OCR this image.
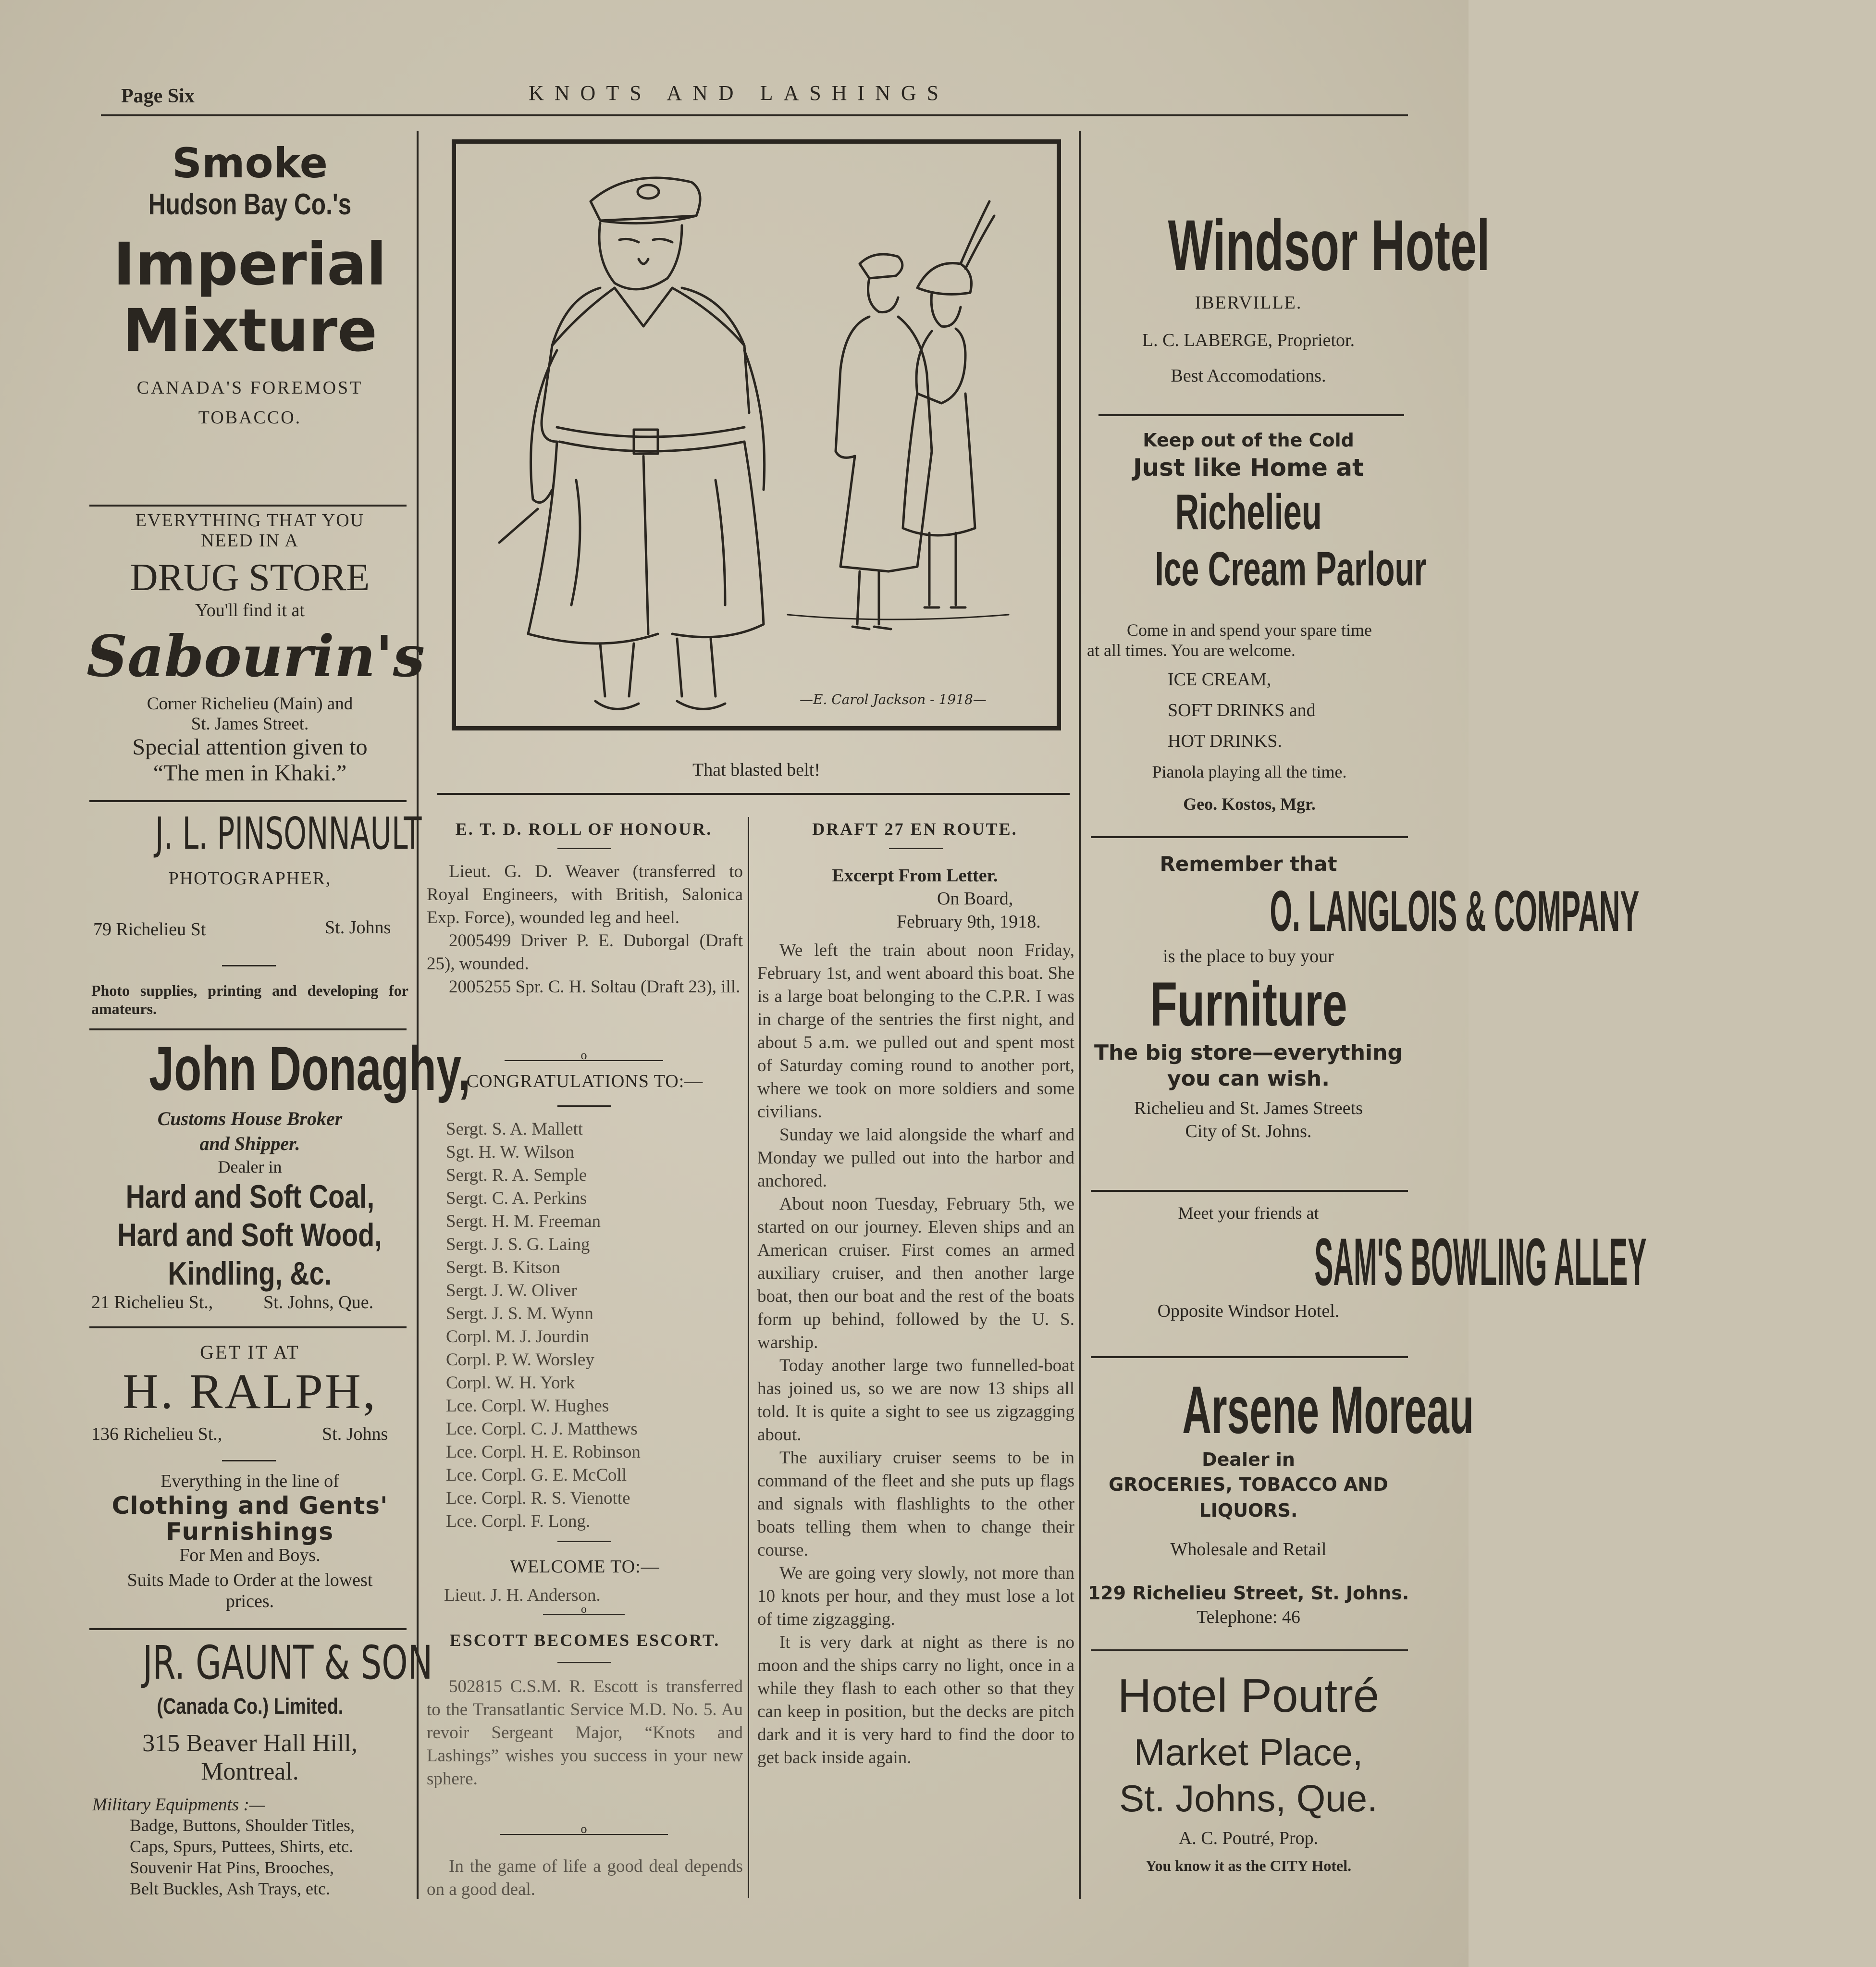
Page Six	KNOTS AND LASHINGS
Smoke
Hudson Bay Co.'s
Imperial
Mixture
CANADA'S FOREMOST
TOBACCO.
EVERYTHING THAT YOU
NEED IN A
DRUG STORE
You'll find it at
Sabourin's
Corner Richelieu (Main) and
St. James Street.
Special attention given to
“The men in Khaki.”
J. L. PINSONNAULT
PHOTOGRAPHER,
79 Richelieu St	St. Johns
Photo supplies, printing and developing for amateurs.
John Donaghy,
Customs House Broker
and Shipper.
Dealer in
Hard and Soft Coal,
Hard and Soft Wood,
Kindling, &c.
21 Richelieu St.,	St. Johns, Que.
GET IT AT
H. RALPH,
136 Richelieu St.,	St. Johns
Everything in the line of
Clothing and Gents'
Furnishings
For Men and Boys.
Suits Made to Order at the lowest
prices.
JR. GAUNT & SON
(Canada Co.) Limited.
315 Beaver Hall Hill,
Montreal.
Military Equipments :—
Badge, Buttons, Shoulder Titles,
Caps, Spurs, Puttees, Shirts, etc.
Souvenir Hat Pins, Brooches,
Belt Buckles, Ash Trays, etc.
—E. Carol Jackson - 1918—
That blasted belt!
E. T. D. ROLL OF HONOUR.

Lieut. G. D. Weaver (transferred to Royal Engineers, with British, Salonica Exp. Force), wounded leg and heel.

2005499 Driver P. E. Duborgal (Draft 25), wounded.

2005255 Spr. C. H. Soltau (Draft 23), ill.

o
CONGRATULATIONS TO:—
Sergt. S. A. Mallett
Sgt. H. W. Wilson
Sergt. R. A. Semple
Sergt. C. A. Perkins
Sergt. H. M. Freeman
Sergt. J. S. G. Laing
Sergt. B. Kitson
Sergt. J. W. Oliver
Sergt. J. S. M. Wynn
Corpl. M. J. Jourdin
Corpl. P. W. Worsley
Corpl. W. H. York
Lce. Corpl. W. Hughes
Lce. Corpl. C. J. Matthews
Lce. Corpl. H. E. Robinson
Lce. Corpl. G. E. McColl
Lce. Corpl. R. S. Vienotte
Lce. Corpl. F. Long.
WELCOME TO:—
Lieut. J. H. Anderson.
o
ESCOTT BECOMES ESCORT.

502815 C.S.M. R. Escott is transferred to the Transatlantic Service M.D. No. 5. Au revoir Sergeant Major, “Knots and Lashings” wishes you success in your new sphere.

o

In the game of life a good deal depends on a good deal.

DRAFT 27 EN ROUTE.
Excerpt From Letter.
On Board,
February 9th, 1918.

We left the train about noon Friday, February 1st, and went aboard this boat. She is a large boat belonging to the C.P.R. I was in charge of the sentries the first night, and about 5 a.m. we pulled out and spent most of Saturday coming round to another port, where we took on more soldiers and some civilians.

Sunday we laid alongside the wharf and Monday we pulled out into the harbor and anchored.

About noon Tuesday, February 5th, we started on our journey. Eleven ships and an American cruiser. First comes an armed auxiliary cruiser, and then another large boat, then our boat and the rest of the boats form up behind, followed by the U. S. warship.

Today another large two funnelled-boat has joined us, so we are now 13 ships all told. It is quite a sight to see us zigzagging about.

The auxiliary cruiser seems to be in command of the fleet and she puts up flags and signals with flashlights to the other boats telling them when to change their course.

We are going very slowly, not more than 10 knots per hour, and they must lose a lot of time zigzagging.

It is very dark at night as there is no moon and the ships carry no light, once in a while they flash to each other so that they can keep in position, but the decks are pitch dark and it is very hard to find the door to get back inside again.

Windsor Hotel
IBERVILLE.
L. C. LABERGE, Proprietor.
Best Accomodations.
Keep out of the Cold
Just like Home at
Richelieu
Ice Cream Parlour
Come in and spend your spare time
at all times. You are welcome.
ICE CREAM,
SOFT DRINKS and
HOT DRINKS.
Pianola playing all the time.
Geo. Kostos, Mgr.
Remember that
O. LANGLOIS & COMPANY
is the place to buy your
Furniture
The big store—everything
you can wish.
Richelieu and St. James Streets
City of St. Johns.
Meet your friends at
SAM'S BOWLING ALLEY
Opposite Windsor Hotel.
Arsene Moreau
Dealer in
GROCERIES, TOBACCO AND
LIQUORS.
Wholesale and Retail
129 Richelieu Street, St. Johns.
Telephone: 46
Hotel Poutré
Market Place,
St. Johns, Que.
A. C. Poutré, Prop.
You know it as the CITY Hotel.
